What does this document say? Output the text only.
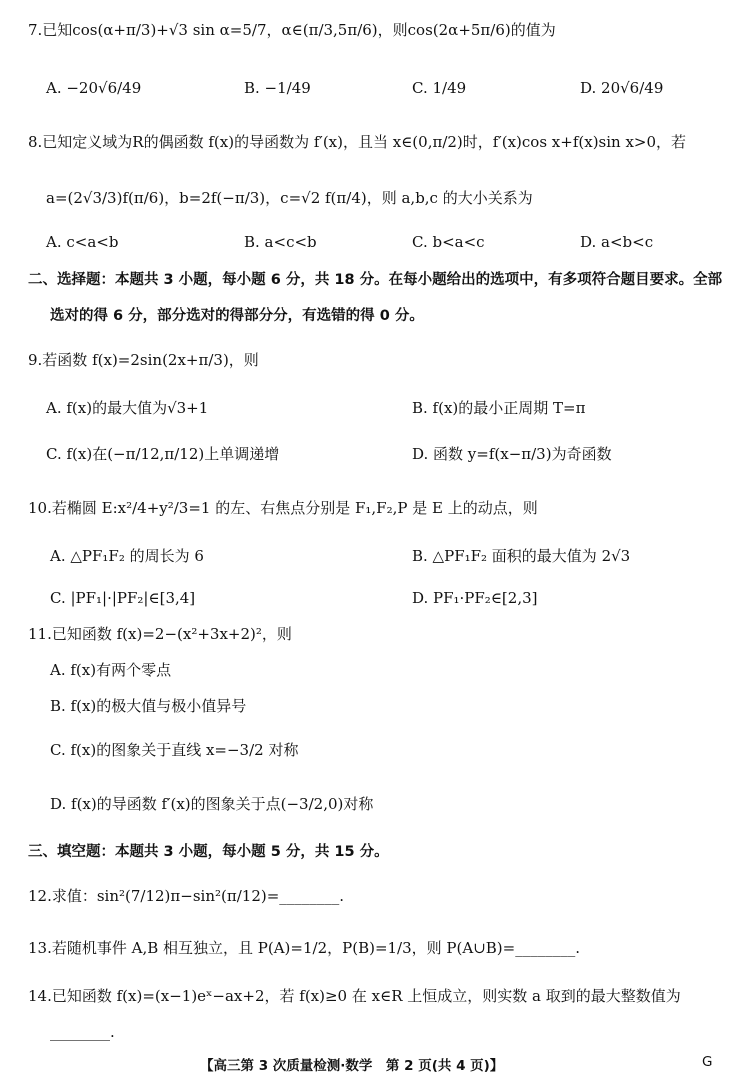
7.已知cos(α+π/3)+√3 sin α=5/7，α∈(π/3,5π/6)，则cos(2α+5π/6)的值为
A. −20√6/49	B. −1/49	C. 1/49	D. 20√6/49
8.已知定义域为R的偶函数 f(x)的导函数为 f′(x)，且当 x∈(0,π/2)时，f′(x)cos x+f(x)sin x>0，若
a=(2√3/3)f(π/6)，b=2f(−π/3)，c=√2 f(π/4)，则 a,b,c 的大小关系为
A. c<a<b	B. a<c<b	C. b<a<c	D. a<b<c
二、选择题：本题共 3 小题，每小题 6 分，共 18 分。在每小题给出的选项中，有多项符合题目要求。全部
选对的得 6 分，部分选对的得部分分，有选错的得 0 分。
9.若函数 f(x)=2sin(2x+π/3)，则
A. f(x)的最大值为√3+1	B. f(x)的最小正周期 T=π
C. f(x)在(−π/12,π/12)上单调递增	D. 函数 y=f(x−π/3)为奇函数
10.若椭圆 E:x²/4+y²/3=1 的左、右焦点分别是 F₁,F₂,P 是 E 上的动点，则
A. △PF₁F₂ 的周长为 6	B. △PF₁F₂ 面积的最大值为 2√3
C. |PF₁|·|PF₂|∈[3,4]	D. PF₁·PF₂∈[2,3]
11.已知函数 f(x)=2−(x²+3x+2)²，则
A. f(x)有两个零点
B. f(x)的极大值与极小值异号
C. f(x)的图象关于直线 x=−3/2 对称
D. f(x)的导函数 f′(x)的图象关于点(−3/2,0)对称
三、填空题：本题共 3 小题，每小题 5 分，共 15 分。
12.求值：sin²(7/12)π−sin²(π/12)=________.
13.若随机事件 A,B 相互独立，且 P(A)=1/2，P(B)=1/3，则 P(A∪B)=________.
14.已知函数 f(x)=(x−1)eˣ−ax+2，若 f(x)≥0 在 x∈R 上恒成立，则实数 a 取到的最大整数值为
________.
【高三第 3 次质量检测·数学　第 2 页(共 4 页)】	G
